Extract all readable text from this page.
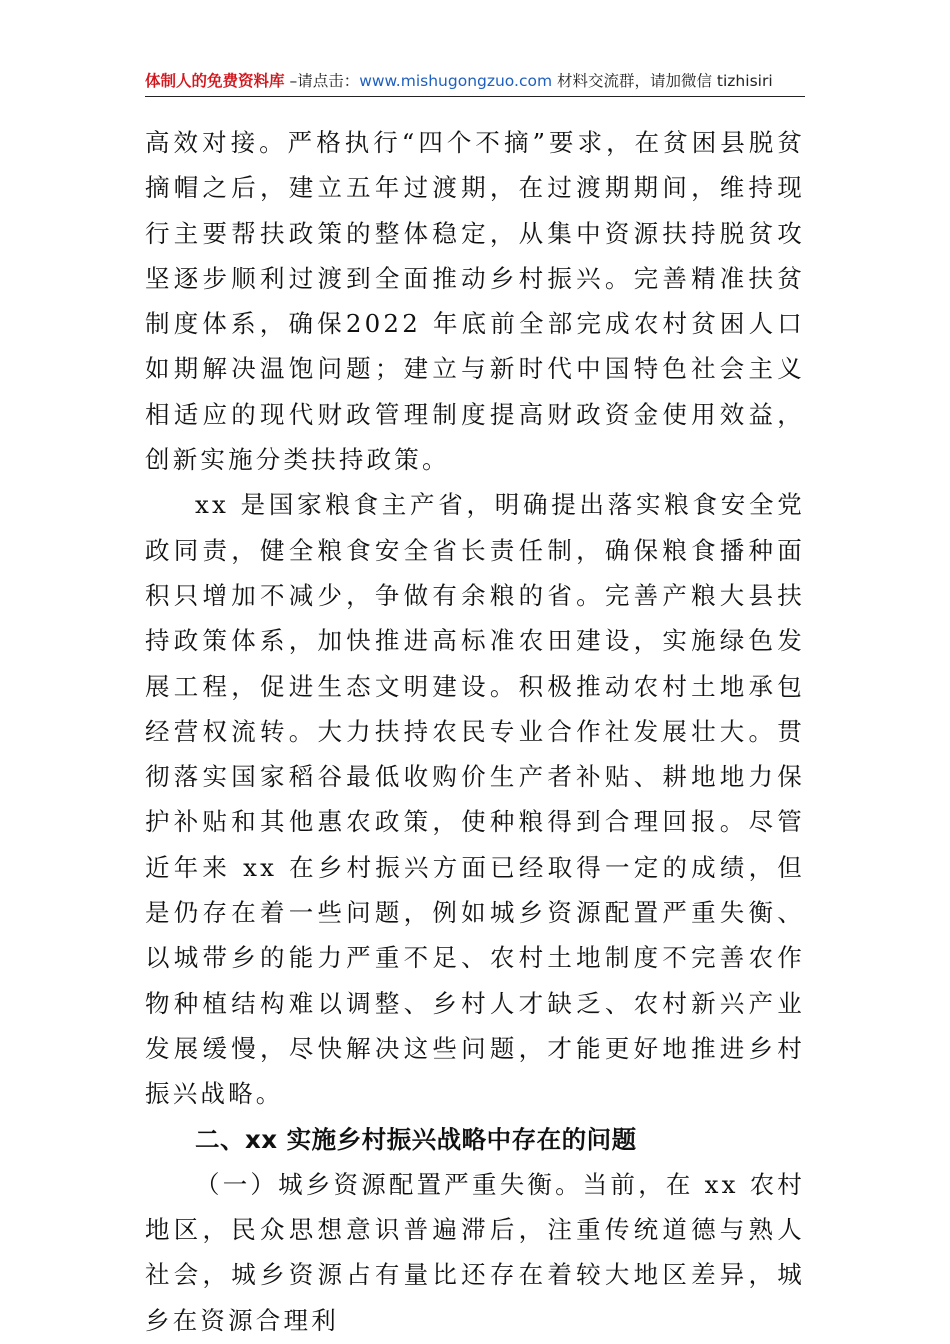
体制人的免费资料库 –请点击：www.mishugongzuo.com 材料交流群，请加微信 tizhisiri

高效对接。严格执行“四个不摘”要求，在贫困县脱贫摘帽之后，建立五年过渡期，在过渡期期间，维持现行主要帮扶政策的整体稳定，从集中资源扶持脱贫攻坚逐步顺利过渡到全面推动乡村振兴。完善精准扶贫制度体系，确保2022 年底前全部完成农村贫困人口如期解决温饱问题；建立与新时代中国特色社会主义相适应的现代财政管理制度提高财政资金使用效益，创新实施分类扶持政策。

xx 是国家粮食主产省，明确提出落实粮食安全党政同责，健全粮食安全省长责任制，确保粮食播种面积只增加不减少，争做有余粮的省。完善产粮大县扶持政策体系，加快推进高标准农田建设，实施绿色发展工程，促进生态文明建设。积极推动农村土地承包经营权流转。大力扶持农民专业合作社发展壮大。贯彻落实国家稻谷最低收购价生产者补贴、耕地地力保护补贴和其他惠农政策，使种粮得到合理回报。尽管近年来 xx 在乡村振兴方面已经取得一定的成绩，但是仍存在着一些问题，例如城乡资源配置严重失衡、以城带乡的能力严重不足、农村土地制度不完善农作物种植结构难以调整、乡村人才缺乏、农村新兴产业发展缓慢，尽快解决这些问题，才能更好地推进乡村振兴战略。

二、xx 实施乡村振兴战略中存在的问题

（一）城乡资源配置严重失衡。当前，在 xx 农村地区，民众思想意识普遍滞后，注重传统道德与熟人社会，城乡资源占有量比还存在着较大地区差异，城乡在资源合理利
